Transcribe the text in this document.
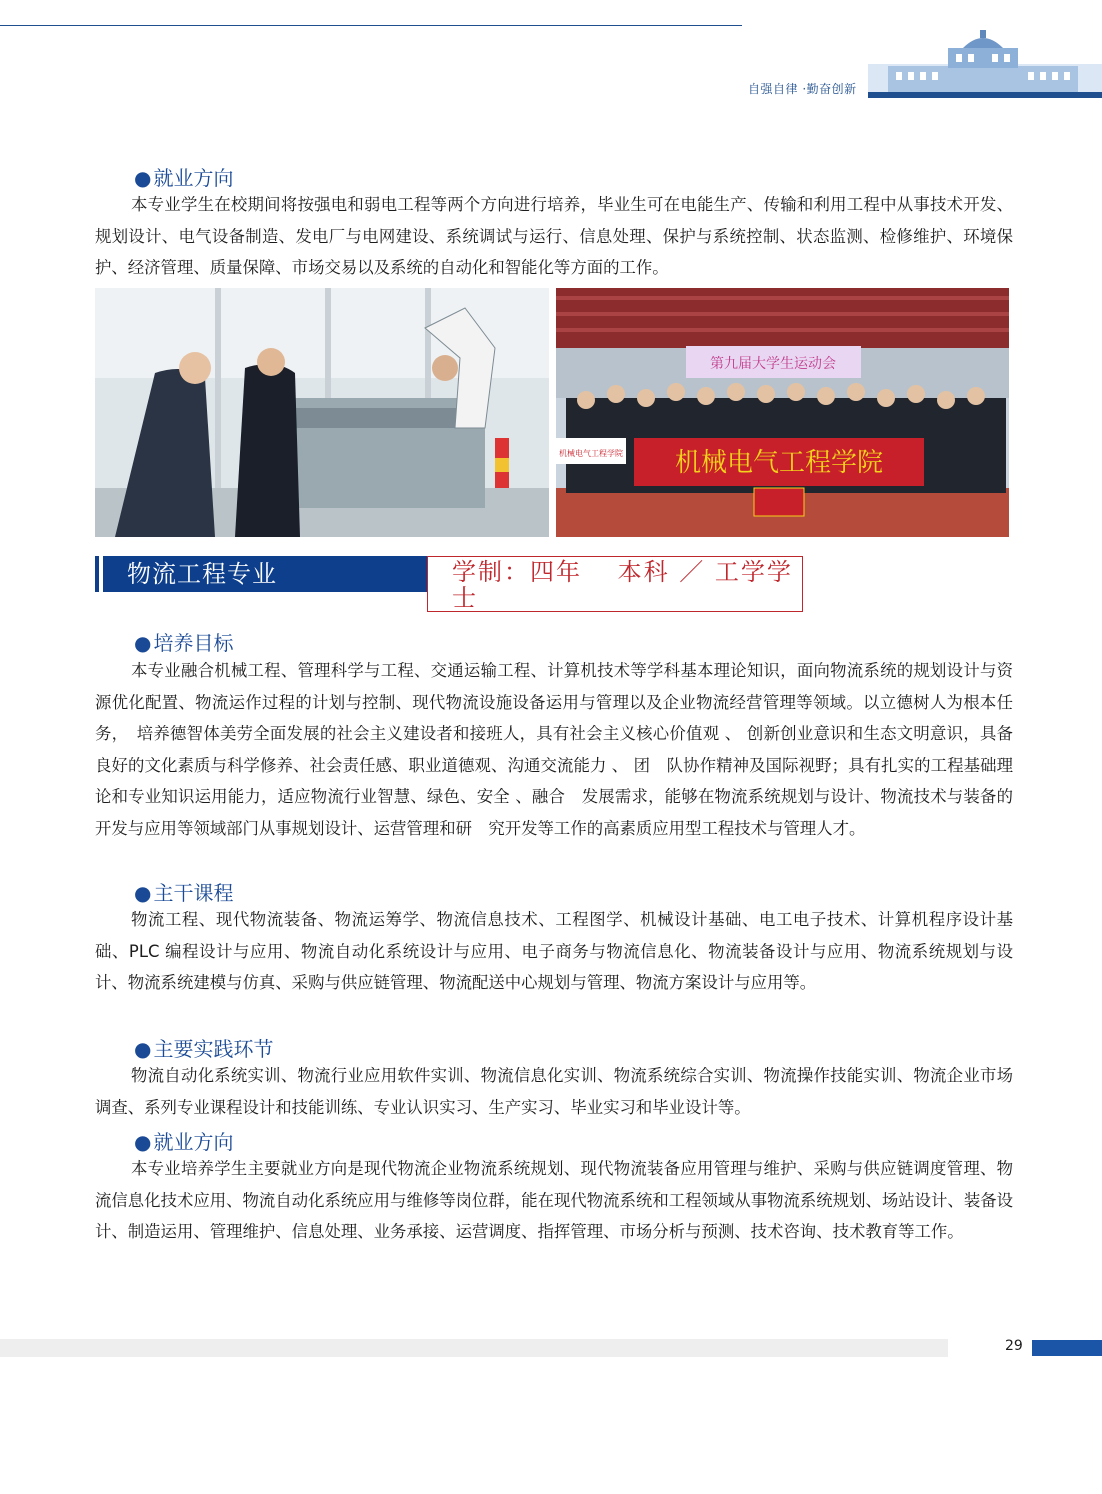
自强自律 ·勤奋创新
● 就业方向

本专业学生在校期间将按强电和弱电工程等两个方向进行培养，毕业生可在电能生产、传输和利用工程中从事技术开发、规划设计、电气设备制造、发电厂与电网建设、系统调试与运行、信息处理、保护与系统控制、状态监测、检修维护、环境保护、经济管理、质量保障、市场交易以及系统的自动化和智能化等方面的工作。

第九届大学生运动会
机械电气工程学院
机械电气工程学院
物流工程专业	学制：四年　 本科 ／ 工学学士
● 培养目标

本专业融合机械工程、管理科学与工程、交通运输工程、计算机技术等学科基本理论知识，面向物流系统的规划设计与资源优化配置、物流运作过程的计划与控制、现代物流设施设备运用与管理以及企业物流经营管理等领域。以立德树人为根本任务，　培养德智体美劳全面发展的社会主义建设者和接班人，具有社会主义核心价值观 、 创新创业意识和生态文明意识，具备良好的文化素质与科学修养、社会责任感、职业道德观、沟通交流能力 、 团　队协作精神及国际视野；具有扎实的工程基础理论和专业知识运用能力，适应物流行业智慧、绿色、安全 、融合　发展需求，能够在物流系统规划与设计、物流技术与装备的开发与应用等领域部门从事规划设计、运营管理和研　究开发等工作的高素质应用型工程技术与管理人才。

● 主干课程

物流工程、现代物流装备、物流运筹学、物流信息技术、工程图学、机械设计基础、电工电子技术、计算机程序设计基础、PLC 编程设计与应用、物流自动化系统设计与应用、电子商务与物流信息化、物流装备设计与应用、物流系统规划与设计、物流系统建模与仿真、采购与供应链管理、物流配送中心规划与管理、物流方案设计与应用等。

● 主要实践环节

物流自动化系统实训、物流行业应用软件实训、物流信息化实训、物流系统综合实训、物流操作技能实训、物流企业市场调查、系列专业课程设计和技能训练、专业认识实习、生产实习、毕业实习和毕业设计等。

● 就业方向

本专业培养学生主要就业方向是现代物流企业物流系统规划、现代物流装备应用管理与维护、采购与供应链调度管理、物流信息化技术应用、物流自动化系统应用与维修等岗位群，能在现代物流系统和工程领域从事物流系统规划、场站设计、装备设计、制造运用、管理维护、信息处理、业务承接、运营调度、指挥管理、市场分析与预测、技术咨询、技术教育等工作。

29
